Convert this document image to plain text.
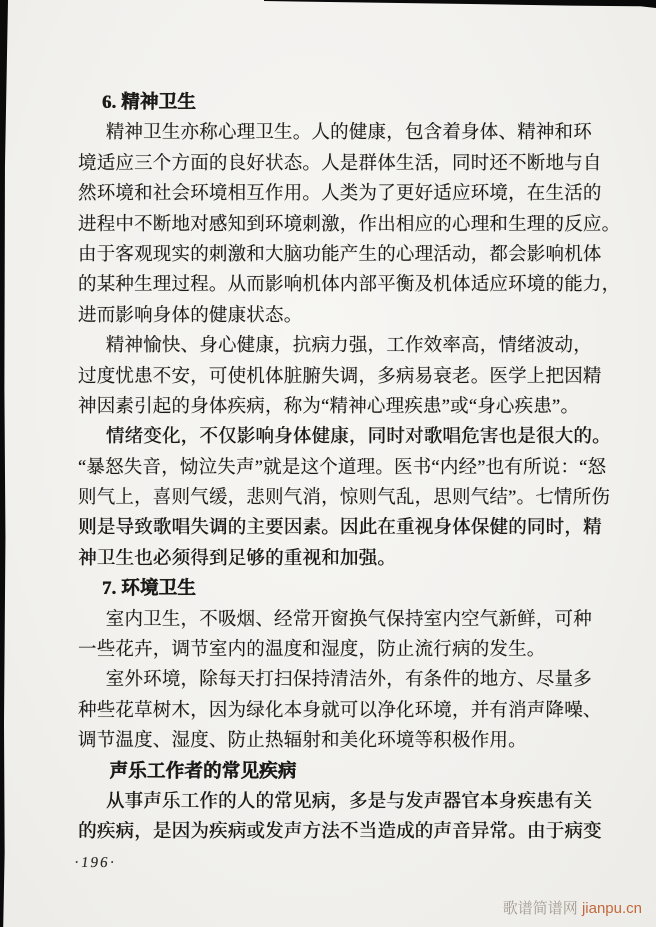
6. 精神卫生
精神卫生亦称心理卫生。人的健康，包含着身体、精神和环
境适应三个方面的良好状态。人是群体生活，同时还不断地与自
然环境和社会环境相互作用。人类为了更好适应环境，在生活的
进程中不断地对感知到环境刺激，作出相应的心理和生理的反应。
由于客观现实的刺激和大脑功能产生的心理活动，都会影响机体
的某种生理过程。从而影响机体内部平衡及机体适应环境的能力，
进而影响身体的健康状态。
精神愉快、身心健康，抗病力强，工作效率高，情绪波动，
过度忧患不安，可使机体脏腑失调，多病易衰老。医学上把因精
神因素引起的身体疾病，称为“精神心理疾患”或“身心疾患”。
情绪变化，不仅影响身体健康，同时对歌唱危害也是很大的。
“暴怒失音，恸泣失声”就是这个道理。医书“内经”也有所说：“怒
则气上，喜则气缓，悲则气消，惊则气乱，思则气结”。七情所伤
则是导致歌唱失调的主要因素。因此在重视身体保健的同时，精
神卫生也必须得到足够的重视和加强。
7. 环境卫生
室内卫生，不吸烟、经常开窗换气保持室内空气新鲜，可种
一些花卉，调节室内的温度和湿度，防止流行病的发生。
室外环境，除每天打扫保持清洁外，有条件的地方、尽量多
种些花草树木，因为绿化本身就可以净化环境，并有消声降噪、
调节温度、湿度、防止热辐射和美化环境等积极作用。
声乐工作者的常见疾病
从事声乐工作的人的常见病，多是与发声器官本身疾患有关
的疾病，是因为疾病或发声方法不当造成的声音异常。由于病变
·196·
歌谱简谱网 jianpu.cn
